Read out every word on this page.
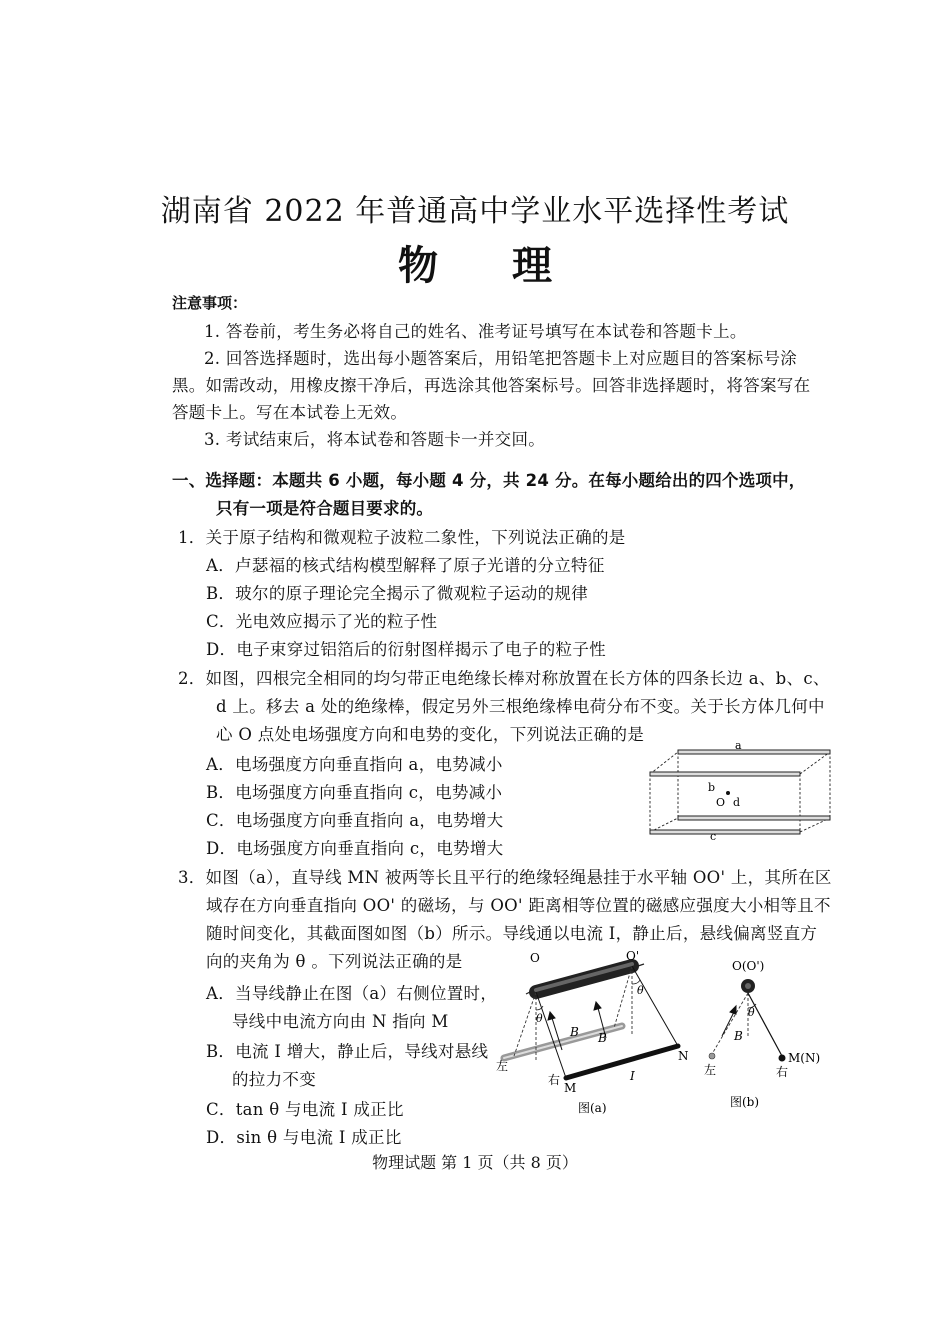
湖南省 2022 年普通高中学业水平选择性考试
物 理
注意事项：
1. 答卷前，考生务必将自己的姓名、准考证号填写在本试卷和答题卡上。
2. 回答选择题时，选出每小题答案后，用铅笔把答题卡上对应题目的答案标号涂
黑。如需改动，用橡皮擦干净后，再选涂其他答案标号。回答非选择题时，将答案写在
答题卡上。写在本试卷上无效。
3. 考试结束后，将本试卷和答题卡一并交回。
一、选择题：本题共 6 小题，每小题 4 分，共 24 分。在每小题给出的四个选项中，
只有一项是符合题目要求的。
1．关于原子结构和微观粒子波粒二象性，下列说法正确的是
A．卢瑟福的核式结构模型解释了原子光谱的分立特征
B．玻尔的原子理论完全揭示了微观粒子运动的规律
C．光电效应揭示了光的粒子性
D．电子束穿过铝箔后的衍射图样揭示了电子的粒子性
2．如图，四根完全相同的均匀带正电绝缘长棒对称放置在长方体的四条长边 a、b、c、
d 上。移去 a 处的绝缘棒，假定另外三根绝缘棒电荷分布不变。关于长方体几何中
心 O 点处电场强度方向和电势的变化，下列说法正确的是
A．电场强度方向垂直指向 a，电势减小
B．电场强度方向垂直指向 c，电势减小
C．电场强度方向垂直指向 a，电势增大
D．电场强度方向垂直指向 c，电势增大
a
b
O d
c
3．如图（a），直导线 MN 被两等长且平行的绝缘轻绳悬挂于水平轴 OO' 上，其所在区
域存在方向垂直指向 OO' 的磁场，与 OO' 距离相等位置的磁感应强度大小相等且不
随时间变化，其截面图如图（b）所示。导线通以电流 I，静止后，悬线偏离竖直方
向的夹角为 θ 。下列说法正确的是
A．当导线静止在图（a）右侧位置时，
导线中电流方向由 N 指向 M
B．电流 I 增大，静止后，导线对悬线
的拉力不变
C．tan θ 与电流 I 成正比
D．sin θ 与电流 I 成正比
O	O'
θ
θ
B B
左
右
M
N
I
图(a)
O(O')
θ
B
左	右
M(N)
图(b)
物理试题 第 1 页（共 8 页）
